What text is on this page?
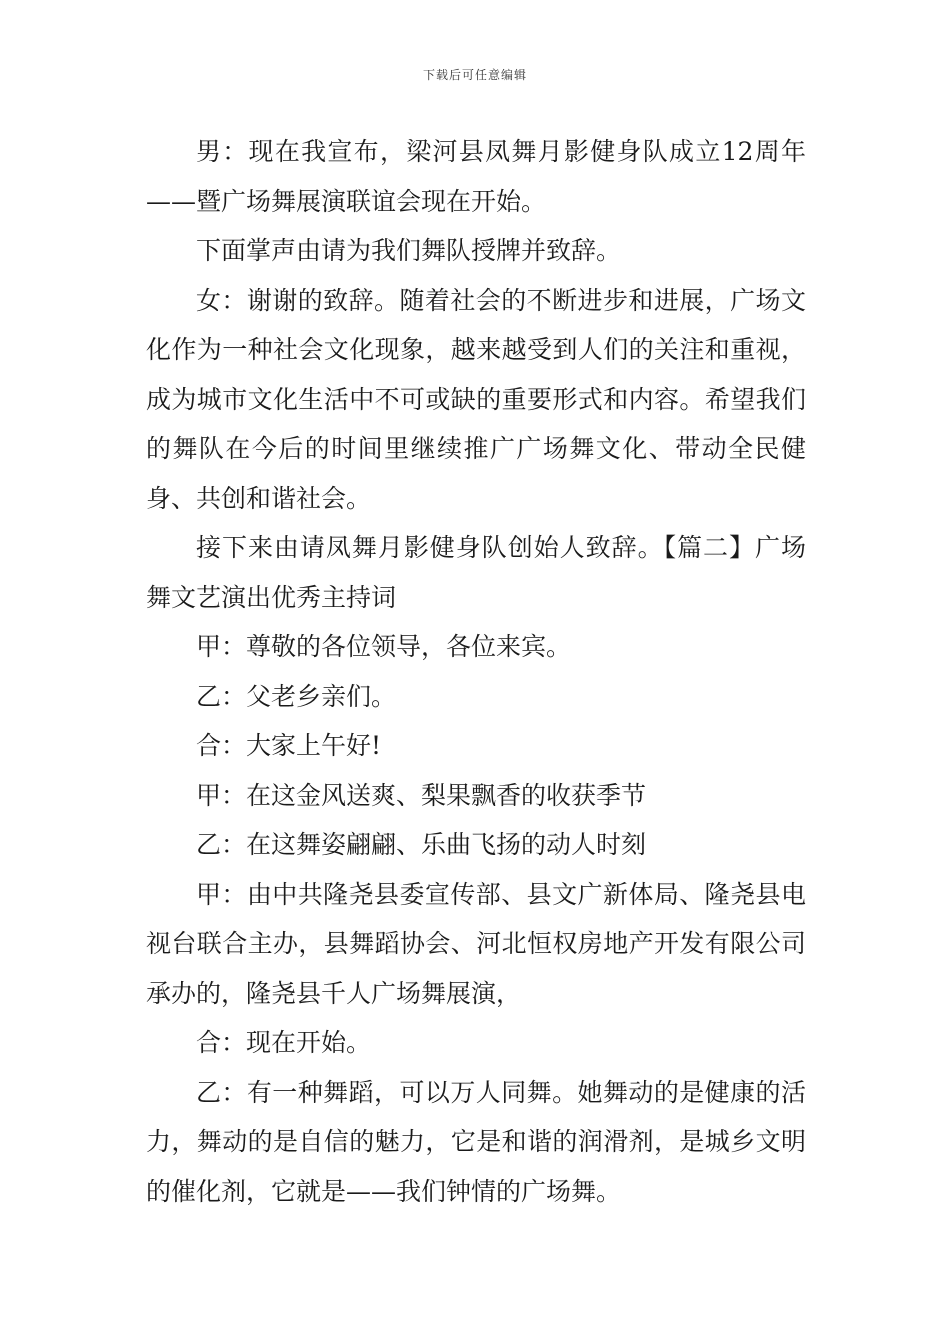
下载后可任意编辑

男：现在我宣布，梁河县凤舞月影健身队成立12周年——暨广场舞展演联谊会现在开始。

下面掌声由请为我们舞队授牌并致辞。

女：谢谢的致辞。随着社会的不断进步和进展，广场文化作为一种社会文化现象，越来越受到人们的关注和重视，成为城市文化生活中不可或缺的重要形式和内容。希望我们的舞队在今后的时间里继续推广广场舞文化、带动全民健身、共创和谐社会。

接下来由请凤舞月影健身队创始人致辞。【篇二】广场舞文艺演出优秀主持词

甲：尊敬的各位领导，各位来宾。

乙：父老乡亲们。

合：大家上午好!

甲：在这金风送爽、梨果飘香的收获季节

乙：在这舞姿翩翩、乐曲飞扬的动人时刻

甲：由中共隆尧县委宣传部、县文广新体局、隆尧县电视台联合主办，县舞蹈协会、河北恒权房地产开发有限公司承办的，隆尧县千人广场舞展演，

合：现在开始。

乙：有一种舞蹈，可以万人同舞。她舞动的是健康的活力，舞动的是自信的魅力，它是和谐的润滑剂，是城乡文明的催化剂，它就是——我们钟情的广场舞。
